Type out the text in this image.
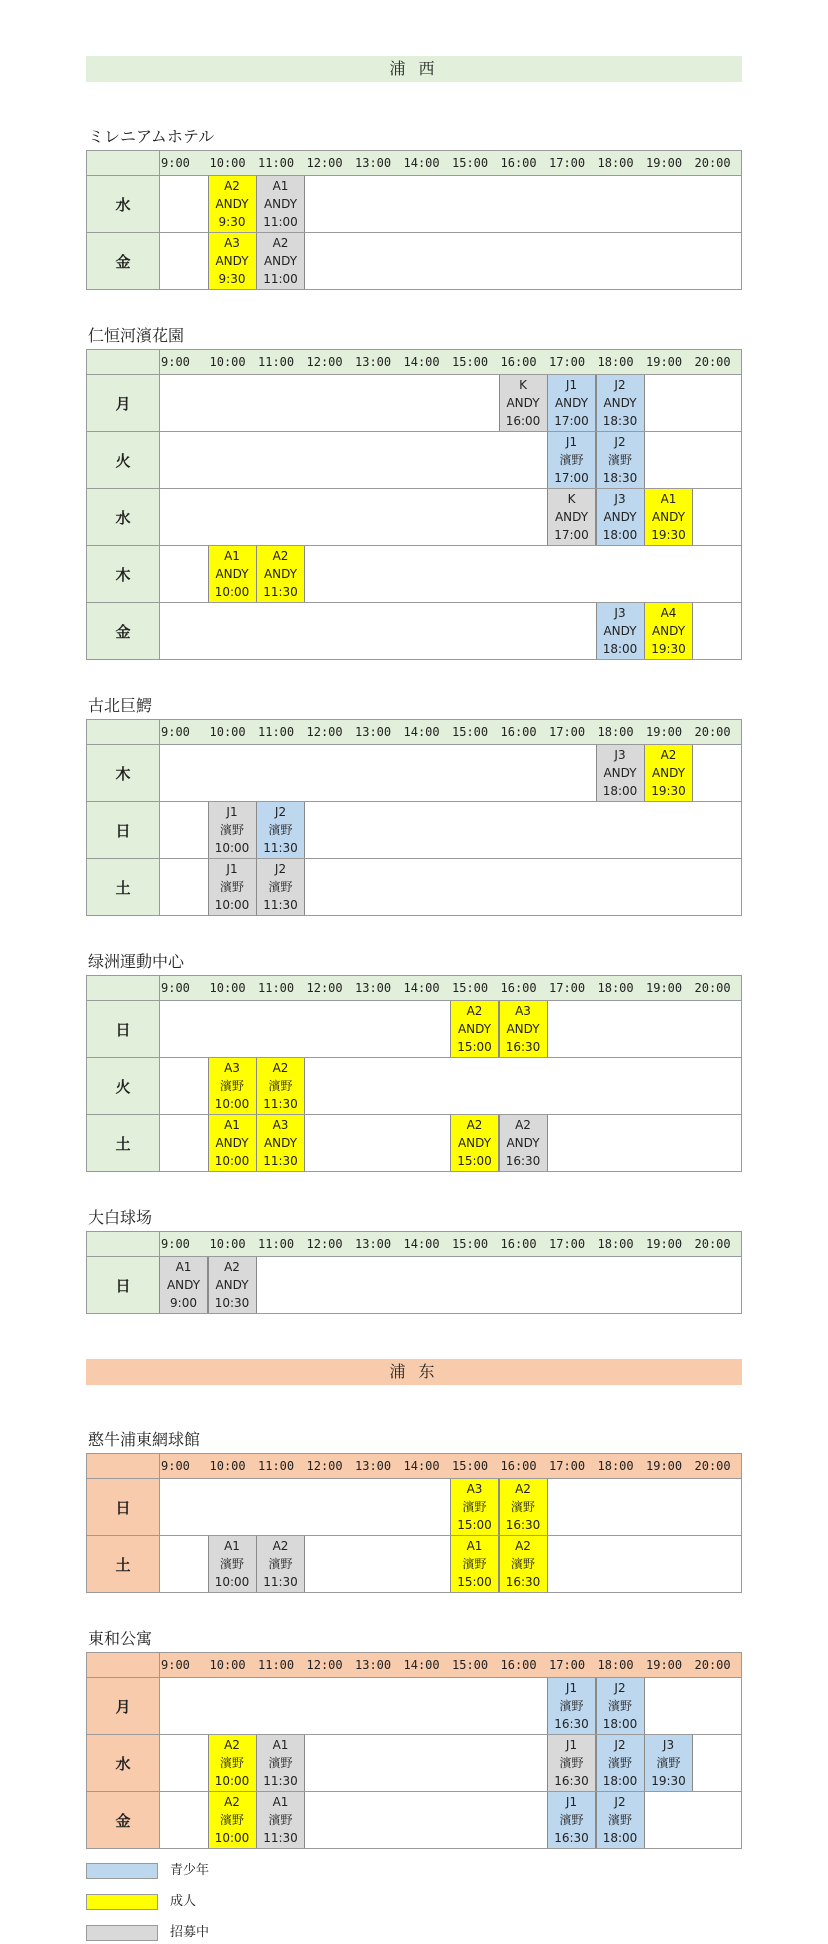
浦 西
ミレニアムホテル
9:00 10:00 11:00 12:00 13:00 14:00 15:00 16:00 17:00 18:00 19:00 20:00
水
A2
ANDY
9:30
A1
ANDY
11:00
金
A3
ANDY
9:30
A2
ANDY
11:00
仁恒河濱花園
9:00 10:00 11:00 12:00 13:00 14:00 15:00 16:00 17:00 18:00 19:00 20:00
月
K
ANDY
16:00
J1
ANDY
17:00
J2
ANDY
18:30
火
J1
濱野
17:00
J2
濱野
18:30
水
K
ANDY
17:00
J3
ANDY
18:00
A1
ANDY
19:30
木
A1
ANDY
10:00
A2
ANDY
11:30
金
J3
ANDY
18:00
A4
ANDY
19:30
古北巨鰐
9:00 10:00 11:00 12:00 13:00 14:00 15:00 16:00 17:00 18:00 19:00 20:00
木
J3
ANDY
18:00
A2
ANDY
19:30
日
J1
濱野
10:00
J2
濱野
11:30
土
J1
濱野
10:00
J2
濱野
11:30
绿洲運動中心
9:00 10:00 11:00 12:00 13:00 14:00 15:00 16:00 17:00 18:00 19:00 20:00
日
A2
ANDY
15:00
A3
ANDY
16:30
火
A3
濱野
10:00
A2
濱野
11:30
土
A1
ANDY
10:00
A3
ANDY
11:30
A2
ANDY
15:00
A2
ANDY
16:30
大白球场
9:00 10:00 11:00 12:00 13:00 14:00 15:00 16:00 17:00 18:00 19:00 20:00
日
A1
ANDY
9:00
A2
ANDY
10:30
浦 东
憨牛浦東網球館
9:00 10:00 11:00 12:00 13:00 14:00 15:00 16:00 17:00 18:00 19:00 20:00
日
A3
濱野
15:00
A2
濱野
16:30
土
A1
濱野
10:00
A2
濱野
11:30
A1
濱野
15:00
A2
濱野
16:30
東和公寓
9:00 10:00 11:00 12:00 13:00 14:00 15:00 16:00 17:00 18:00 19:00 20:00
月
J1
濱野
16:30
J2
濱野
18:00
水
A2
濱野
10:00
A1
濱野
11:30
J1
濱野
16:30
J2
濱野
18:00
J3
濱野
19:30
金
A2
濱野
10:00
A1
濱野
11:30
J1
濱野
16:30
J2
濱野
18:00
青少年
成人
招募中
